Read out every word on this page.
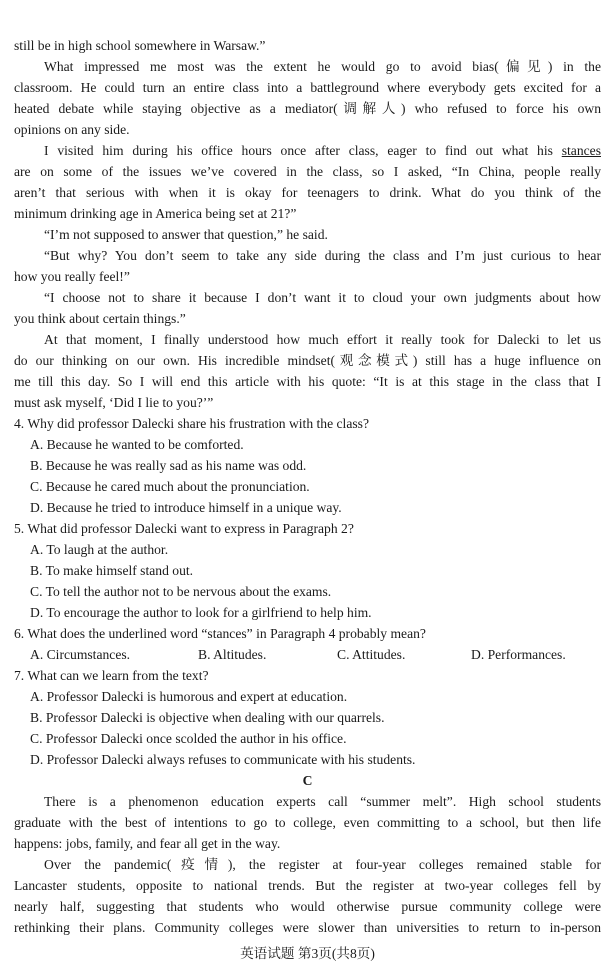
still be in high school somewhere in Warsaw.”
What impressed me most was the extent he would go to avoid bias(偏见) in the
classroom. He could turn an entire class into a battleground where everybody gets excited for a
heated debate while staying objective as a mediator(调解人) who refused to force his own
opinions on any side.
I visited him during his office hours once after class, eager to find out what his stances
are on some of the issues we’ve covered in the class, so I asked, “In China, people really
aren’t that serious with when it is okay for teenagers to drink. What do you think of the
minimum drinking age in America being set at 21?”
“I’m not supposed to answer that question,” he said.
“But why? You don’t seem to take any side during the class and I’m just curious to hear
how you really feel!”
“I choose not to share it because I don’t want it to cloud your own judgments about how
you think about certain things.”
At that moment, I finally understood how much effort it really took for Dalecki to let us
do our thinking on our own. His incredible mindset(观念模式) still has a huge influence on
me till this day. So I will end this article with his quote: “It is at this stage in the class that I
must ask myself, ‘Did I lie to you?’”
4. Why did professor Dalecki share his frustration with the class?
A. Because he wanted to be comforted.
B. Because he was really sad as his name was odd.
C. Because he cared much about the pronunciation.
D. Because he tried to introduce himself in a unique way.
5. What did professor Dalecki want to express in Paragraph 2?
A. To laugh at the author.
B. To make himself stand out.
C. To tell the author not to be nervous about the exams.
D. To encourage the author to look for a girlfriend to help him.
6. What does the underlined word “stances” in Paragraph 4 probably mean?
A. Circumstances.	B. Altitudes.	C. Attitudes.	D. Performances.
7. What can we learn from the text?
A. Professor Dalecki is humorous and expert at education.
B. Professor Dalecki is objective when dealing with our quarrels.
C. Professor Dalecki once scolded the author in his office.
D. Professor Dalecki always refuses to communicate with his students.
C
There is a phenomenon education experts call “summer melt”. High school students
graduate with the best of intentions to go to college, even committing to a school, but then life
happens: jobs, family, and fear all get in the way.
Over the pandemic(疫情), the register at four-year colleges remained stable for
Lancaster students, opposite to national trends. But the register at two-year colleges fell by
nearly half, suggesting that students who would otherwise pursue community college were
rethinking their plans. Community colleges were slower than universities to return to in-person
英语试题 第3页(共8页)
